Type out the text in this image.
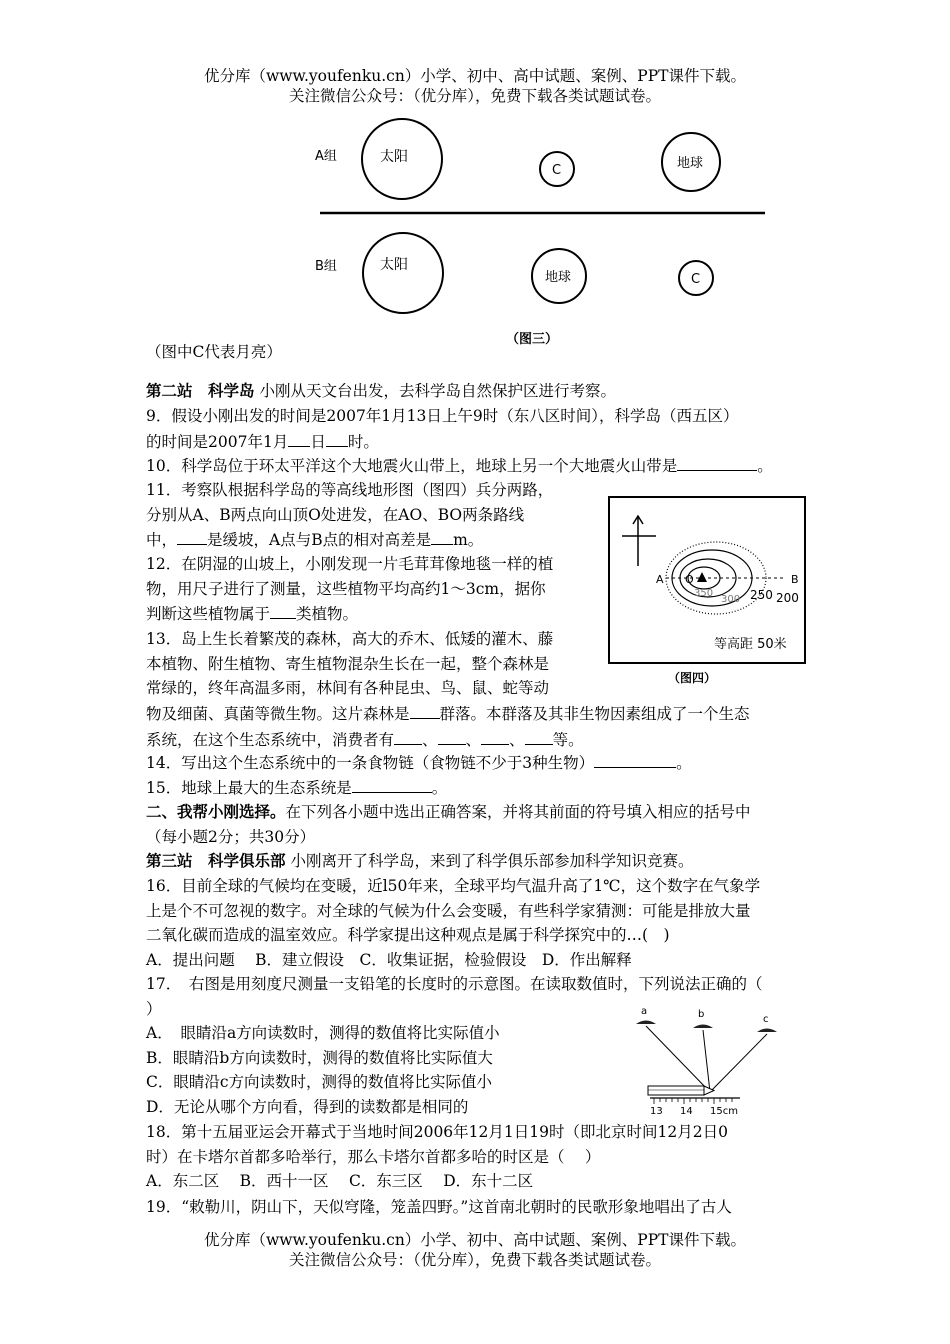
优分库（www.youfenku.cn）小学、初中、高中试题、案例、PPT课件下载。
关注微信公众号：（优分库），免费下载各类试题试卷。
A组	太阳
C	地球
B组	太阳
地球	C
（图三）
（图中C代表月亮）
第二站　科学岛 小刚从天文台出发，去科学岛自然保护区进行考察。
9．假设小刚出发的时间是2007年1月13日上午9时（东八区时间），科学岛（西五区）
的时间是2007年1月 日 时。
10．科学岛位于环太平洋这个大地震火山带上，地球上另一个大地震火山带是	。
11．考察队根据科学岛的等高线地形图（图四）兵分两路，
分别从A、B两点向山顶O处进发，在AO、BO两条路线
中， 是缓坡，A点与B点的相对高差是 m。
12．在阴湿的山坡上，小刚发现一片毛茸茸像地毯一样的植
物，用尺子进行了测量，这些植物平均高约1～3cm，据你
判断这些植物属于 类植物。
13．岛上生长着繁茂的森林，高大的乔木、低矮的灌木、藤
本植物、附生植物、寄生植物混杂生长在一起，整个森林是
常绿的，终年高温多雨，林间有各种昆虫、鸟、鼠、蛇等动
物及细菌、真菌等微生物。这片森林是 群落。本群落及其非生物因素组成了一个生态
系统，在这个生态系统中，消费者有 、 、 、 等。
A O	B
350
300 250 200
等高距 50米
（图四）
14．写出这个生态系统中的一条食物链（食物链不少于3种生物）	。
15．地球上最大的生态系统是	。
二、我帮小刚选择。在下列各小题中选出正确答案，并将其前面的符号填入相应的括号中
（每小题2分；共30分）
第三站　科学俱乐部 小刚离开了科学岛，来到了科学俱乐部参加科学知识竞赛。
16．目前全球的气候均在变暖，近l50年来，全球平均气温升高了1℃，这个数字在气象学
上是个不可忽视的数字。对全球的气候为什么会变暖，有些科学家猜测：可能是排放大量
二氧化碳而造成的温室效应。科学家提出这种观点是属于科学探究中的…(　)
A．提出问题　 B．建立假设　C．收集证据，检验假设　D．作出解释
17．　右图是用刻度尺测量一支铅笔的长度时的示意图。在读取数值时，下列说法正确的（
）
A．　眼睛沿a方向读数时，测得的数值将比实际值小
B．眼睛沿b方向读数时，测得的数值将比实际值大
C．眼睛沿c方向读数时，测得的数值将比实际值小
D．无论从哪个方向看，得到的读数都是相同的
a	b	c
13 14 15cm
18．第十五届亚运会开幕式于当地时间2006年12月1日19时（即北京时间12月2日0
时）在卡塔尔首都多哈举行，那么卡塔尔首都多哈的时区是（　 ）
A．东二区　 B．西十一区　 C．东三区　 D．东十二区
19．“敕勒川，阴山下，天似穹隆，笼盖四野。”这首南北朝时的民歌形象地唱出了古人
优分库（www.youfenku.cn）小学、初中、高中试题、案例、PPT课件下载。
关注微信公众号：（优分库），免费下载各类试题试卷。
